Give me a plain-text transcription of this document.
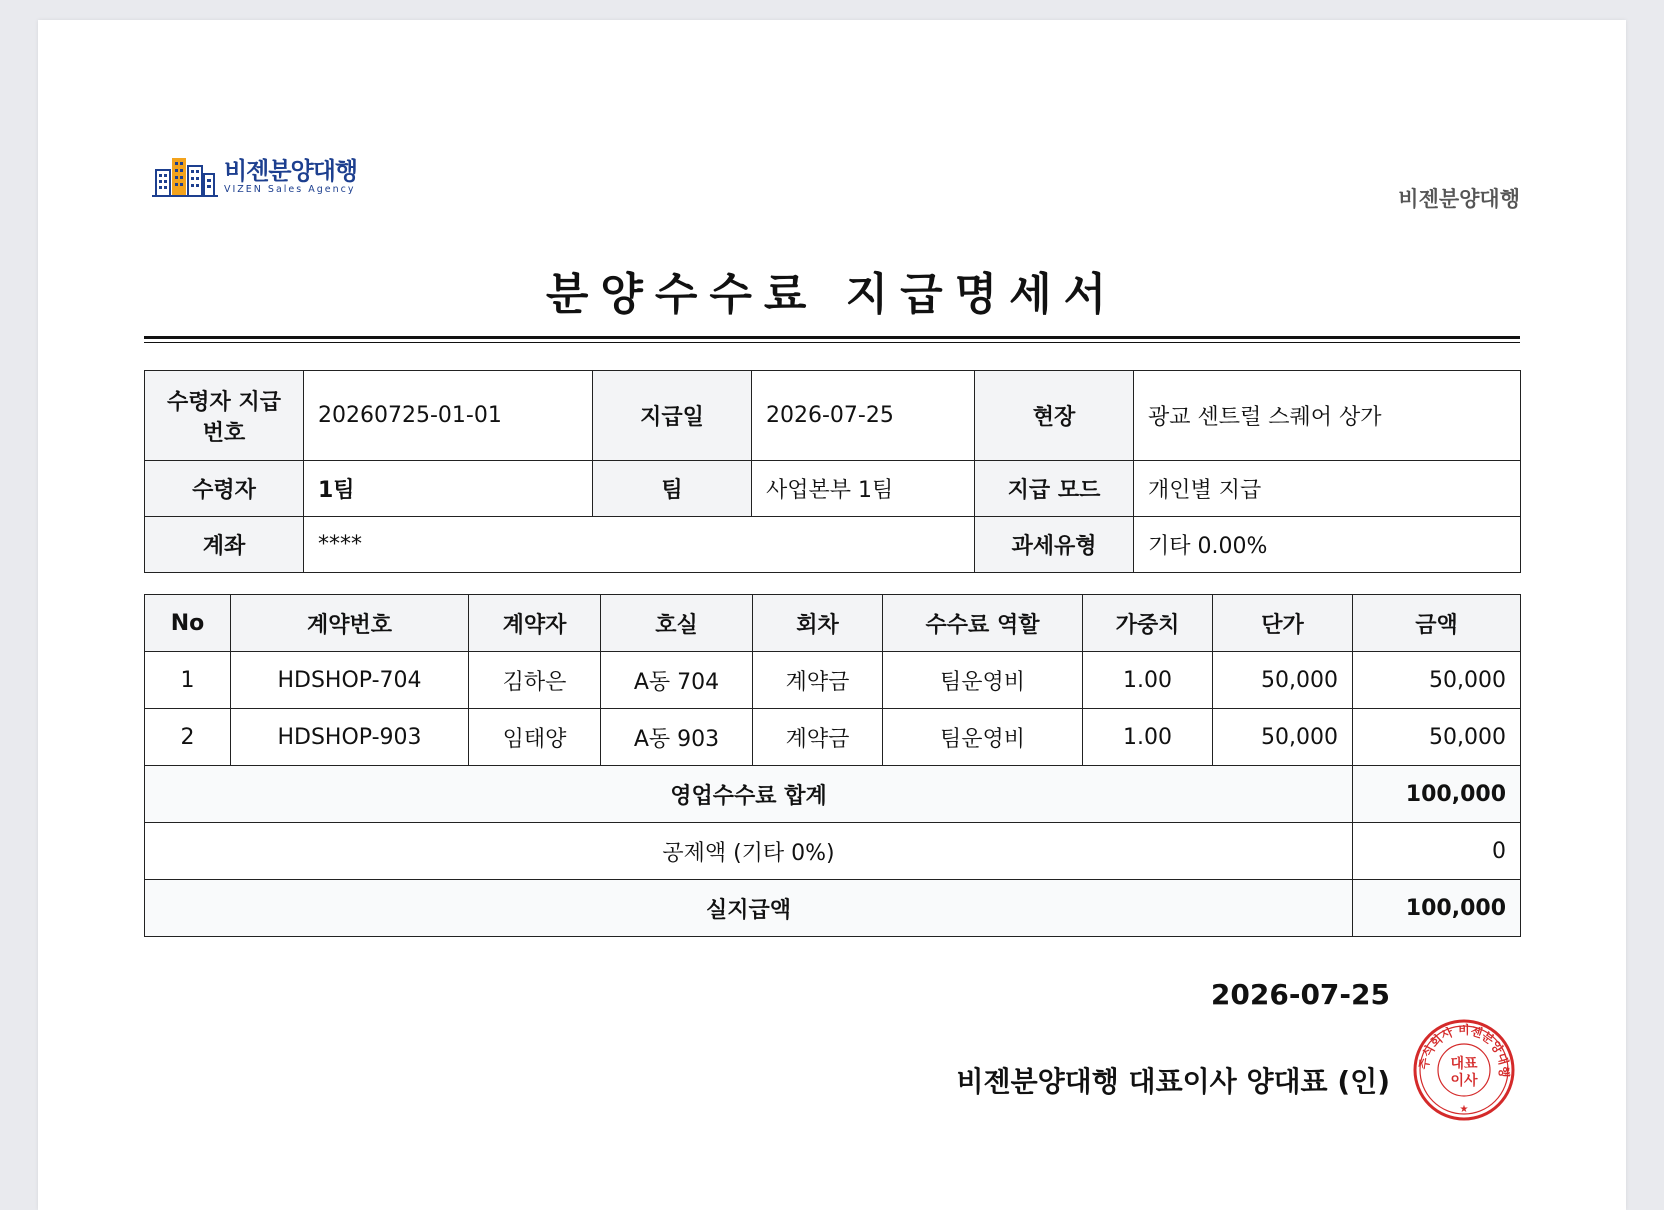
비젠분양대행
VIZEN Sales Agency	비젠분양대행
분양수수료 지급명세서
수령자 지급번호	20260725-01-01	지급일	2026-07-25	현장	광교 센트럴 스퀘어 상가
수령자	1팀	팀	사업본부 1팀	지급 모드	개인별 지급
계좌	****			과세유형	기타 0.00%
No	계약번호	계약자	호실	회차	수수료 역할	가중치	단가	금액
1	HDSHOP-704	김하은	A동 704	계약금	팀운영비	1.00	50,000	50,000
2	HDSHOP-903	임태양	A동 903	계약금	팀운영비	1.00	50,000	50,000
영업수수료 합계								100,000
공제액 (기타 0%)								0
실지급액								100,000
2026-07-25
비젠분양대행 대표이사 양대표 (인)
주식회사 비젠분양대행
대표
이사
★
